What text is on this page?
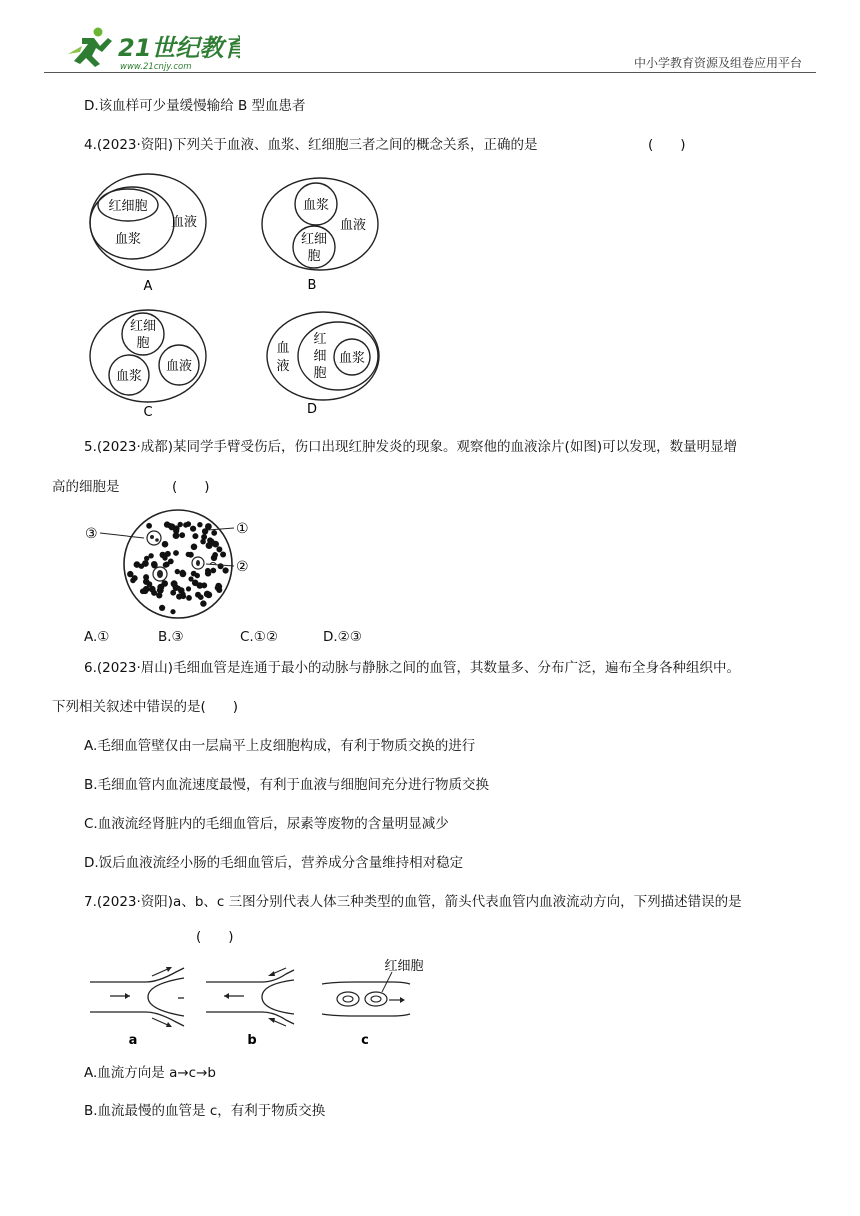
21世纪教育
www.21cnjy.com	中小学教育资源及组卷应用平台
D.该血样可少量缓慢输给 B 型血患者
4.(2023·资阳)下列关于血液、血浆、红细胞三者之间的概念关系，正确的是	(　　)
红细胞
血浆
血液
A
血浆
红细
胞
血液
B
红细
胞
血浆
血液
C
血
液
红
细
胞
血浆
D
5.(2023·成都)某同学手臂受伤后，伤口出现红肿发炎的现象。观察他的血液涂片(如图)可以发现，数量明显增
高的细胞是	(　　)
③	①
②
A.①	B.③	C.①②	D.②③
6.(2023·眉山)毛细血管是连通于最小的动脉与静脉之间的血管，其数量多、分布广泛，遍布全身各种组织中。
下列相关叙述中错误的是(　　)
A.毛细血管壁仅由一层扁平上皮细胞构成，有利于物质交换的进行
B.毛细血管内血流速度最慢，有利于血液与细胞间充分进行物质交换
C.血液流经肾脏内的毛细血管后，尿素等废物的含量明显减少
D.饭后血液流经小肠的毛细血管后，营养成分含量维持相对稳定
7.(2023·资阳)a、b、c 三图分别代表人体三种类型的血管，箭头代表血管内血液流动方向，下列描述错误的是
(　　)
a	b
红细胞
c
A.血流方向是 a→c→b
B.血流最慢的血管是 c，有利于物质交换
